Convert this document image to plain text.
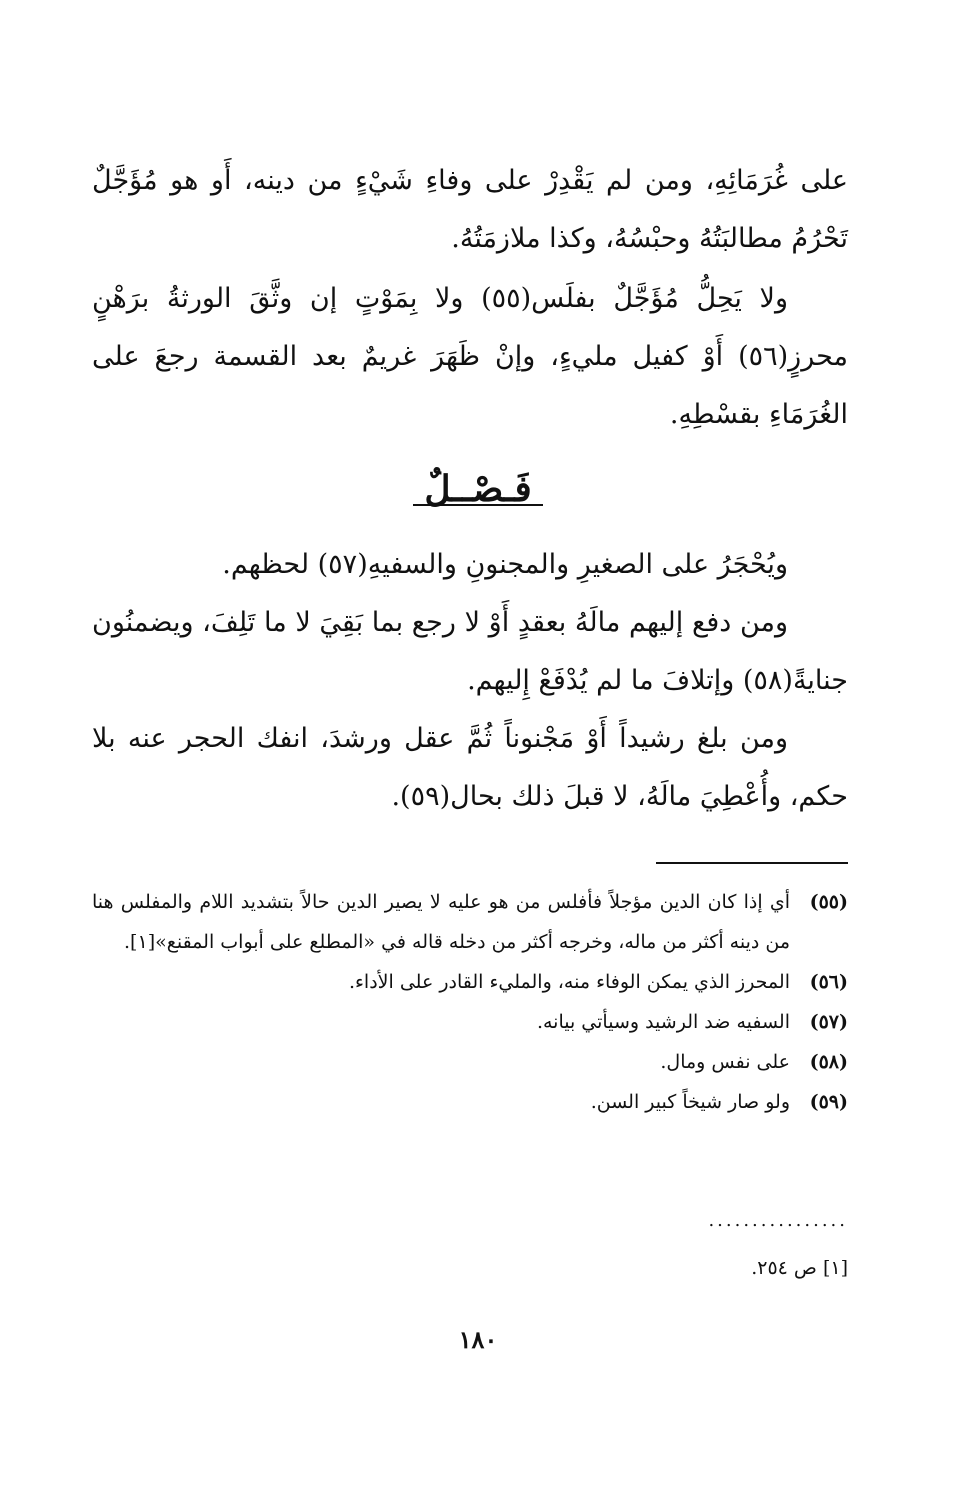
على غُرَمَائِهِ، ومن لم يَقْدِرْ على وفاءِ شَيْءٍ من دينه، أَو هو مُؤَجَّلٌ تَحْرُمُ مطالبَتُهُ وحبْسُهُ، وكذا ملازمَتُهُ.

ولا يَحِلُّ مُؤَجَّلٌ بفلَس(٥٥) ولا بِمَوْتٍ إن وثَّقَ الورثةُ برَهْنٍ محرزٍ(٥٦) أَوْ كفيل مليءٍ، وإنْ ظَهَرَ غريمٌ بعد القسمة رجعَ على الغُرَمَاءِ بقسْطِهِ.

فَـصْــلٌ

ويُحْجَرُ على الصغيرِ والمجنونِ والسفيهِ(٥٧) لحظهم.

ومن دفع إليهم مالَهُ بعقدٍ أَوْ لا رجع بما بَقِيَ لا ما تَلِفَ، ويضمنُون جنايةً(٥٨) وإتلافَ ما لم يُدْفَعْ إِليهم.

ومن بلغ رشيداً أَوْ مَجْنوناً ثُمَّ عقل ورشدَ، انفك الحجر عنه بلا حكم، وأُعْطِيَ مالَهُ، لا قبلَ ذلك بحال(٥٩).

(٥٥)
أي إذا كان الدين مؤجلاً فأفلس من هو عليه لا يصير الدين حالاً بتشديد اللام والمفلس هنا من دينه أكثر من ماله، وخرجه أكثر من دخله قاله في «المطلع على أبواب المقنع»[١].
(٥٦)
المحرز الذي يمكن الوفاء منه، والمليء القادر على الأداء.
(٥٧)
السفيه ضد الرشيد وسيأتي بيانه.
(٥٨)
على نفس ومال.
(٥٩)
ولو صار شيخاً كبير السن.
................
[١] ص ٢٥٤.
١٨٠
